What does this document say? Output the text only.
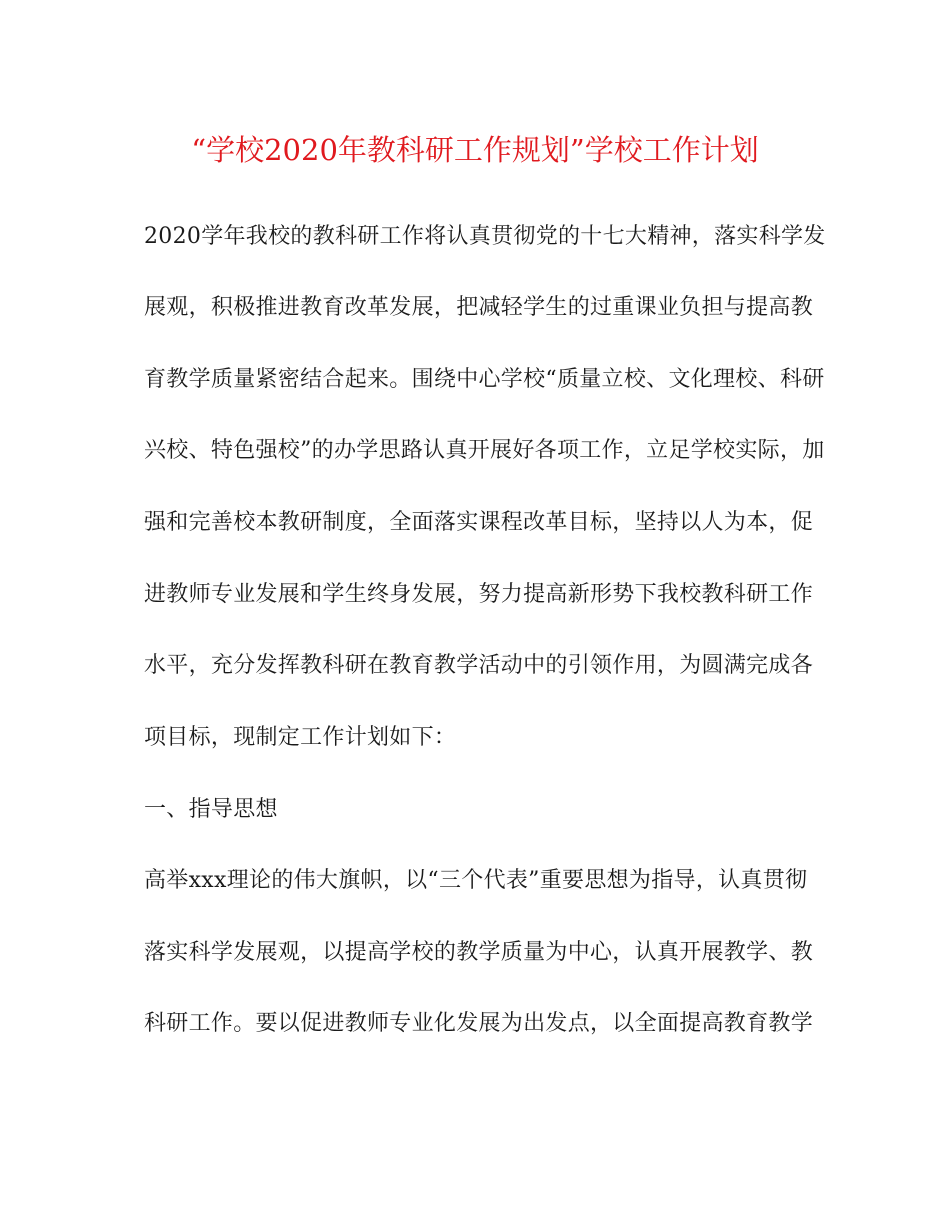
“学校2020年教科研工作规划”学校工作计划
2020学年我校的教科研工作将认真贯彻党的十七大精神，落实科学发
展观，积极推进教育改革发展，把减轻学生的过重课业负担与提高教
育教学质量紧密结合起来。围绕中心学校“质量立校、文化理校、科研
兴校、特色强校”的办学思路认真开展好各项工作，立足学校实际，加
强和完善校本教研制度，全面落实课程改革目标，坚持以人为本，促
进教师专业发展和学生终身发展，努力提高新形势下我校教科研工作
水平，充分发挥教科研在教育教学活动中的引领作用，为圆满完成各
项目标，现制定工作计划如下：
一、指导思想
高举xxx理论的伟大旗帜，以“三个代表”重要思想为指导，认真贯彻
落实科学发展观，以提高学校的教学质量为中心，认真开展教学、教
科研工作。要以促进教师专业化发展为出发点，以全面提高教育教学
